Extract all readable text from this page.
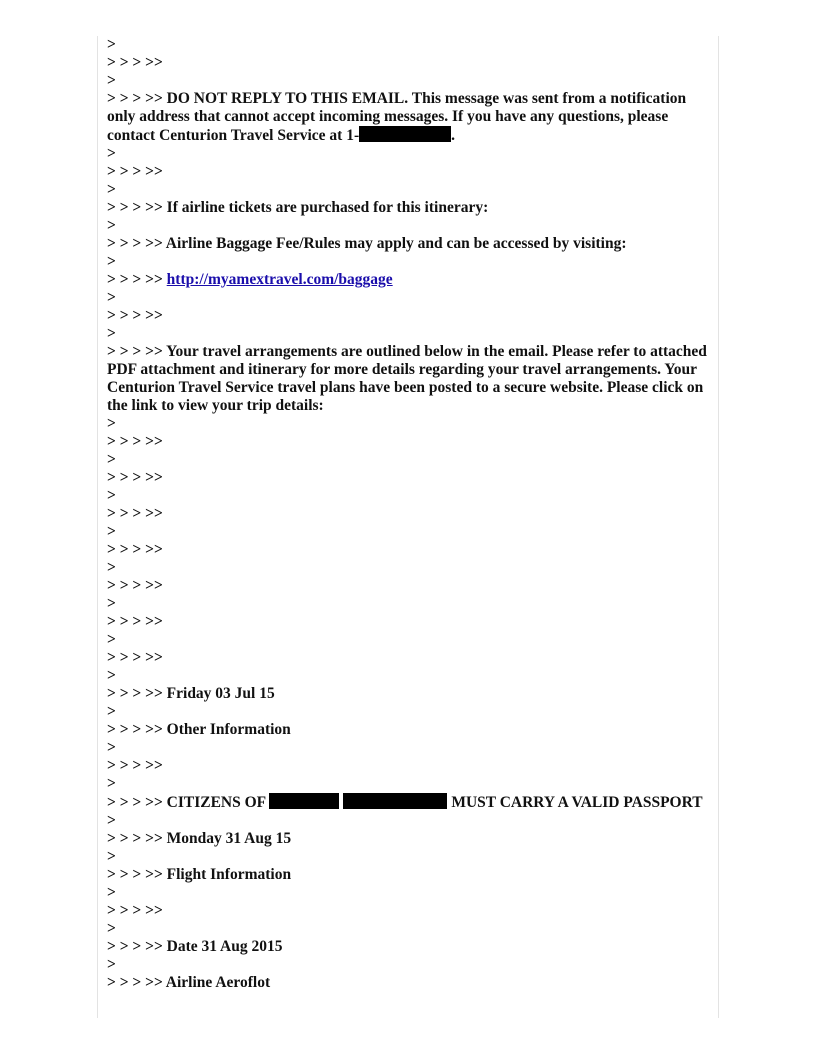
>
> > > >>
>
> > > >> DO NOT REPLY TO THIS EMAIL. This message was sent from a notification only address that cannot accept incoming messages. If you have any questions, please contact Centurion Travel Service at 1-	.
>
> > > >>
>
> > > >> If airline tickets are purchased for this itinerary:
>
> > > >> Airline Baggage Fee/Rules may apply and can be accessed by visiting:
>
> > > >> http://myamextravel.com/baggage
>
> > > >>
>
> > > >> Your travel arrangements are outlined below in the email. Please refer to attached PDF attachment and itinerary for more details regarding your travel arrangements. Your Centurion Travel Service travel plans have been posted to a secure website. Please click on the link to view your trip details:
>
> > > >>
>
> > > >>
>
> > > >>
>
> > > >>
>
> > > >>
>
> > > >>
>
> > > >>
>
> > > >> Friday 03 Jul 15
>
> > > >> Other Information
>
> > > >>
>
> > > >> CITIZENS OF	MUST CARRY A VALID PASSPORT
>
> > > >> Monday 31 Aug 15
>
> > > >> Flight Information
>
> > > >>
>
> > > >> Date 31 Aug 2015
>
> > > >> Airline Aeroflot
